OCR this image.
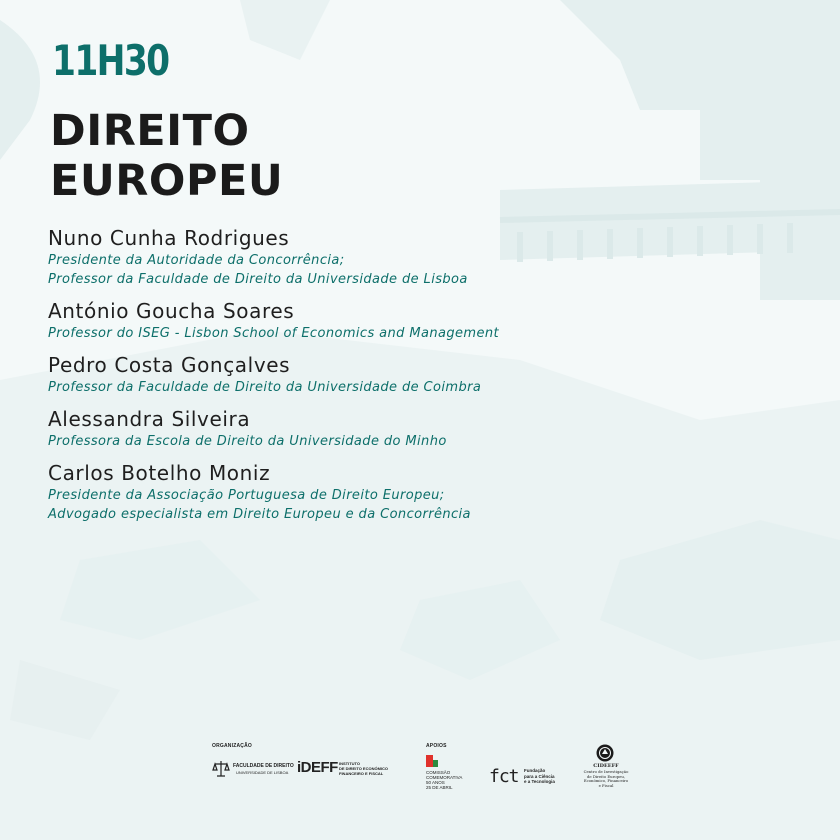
11H30
DIREITO
EUROPEU
Nuno Cunha Rodrigues
Presidente da Autoridade da Concorrência;
Professor da Faculdade de Direito da Universidade de Lisboa
António Goucha Soares
Professor do ISEG - Lisbon School of Economics and Management
Pedro Costa Gonçalves
Professor da Faculdade de Direito da Universidade de Coimbra
Alessandra Silveira
Professora da Escola de Direito da Universidade do Minho
Carlos Botelho Moniz
Presidente da Associação Portuguesa de Direito Europeu;
Advogado especialista em Direito Europeu e da Concorrência
ORGANIZAÇÃO
FACULDADE DE DIREITO
UNIVERSIDADE DE LISBOA iDEFF INSTITUTO
DE DIREITO ECONÓMICO
FINANCEIRO E FISCAL
APOIOS
COMISSÃO
COMEMORATIVA
50 ANOS
25 DE ABRIL
fct Fundação
para a Ciência
e a Tecnologia
CIDEEFF
Centro de Investigação
de Direito Europeu,
Económico, Financeiro
e Fiscal
